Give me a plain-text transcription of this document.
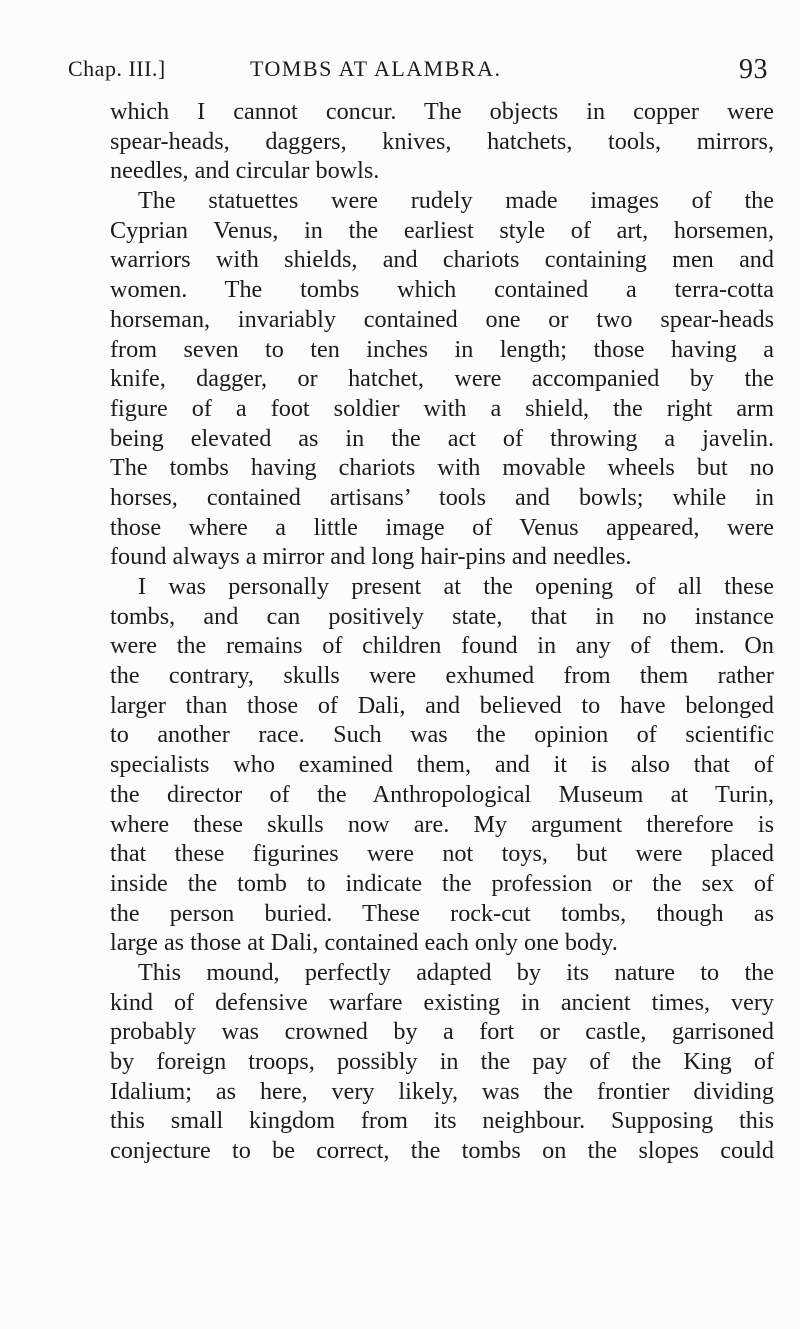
Chap. III.]	TOMBS AT ALAMBRA.	93
which I cannot concur. The objects in copper were
spear-heads, daggers, knives, hatchets, tools, mirrors,
needles, and circular bowls.
The statuettes were rudely made images of the
Cyprian Venus, in the earliest style of art, horsemen,
warriors with shields, and chariots containing men and
women. The tombs which contained a terra-cotta
horseman, invariably contained one or two spear-heads
from seven to ten inches in length; those having a
knife, dagger, or hatchet, were accompanied by the
figure of a foot soldier with a shield, the right arm
being elevated as in the act of throwing a javelin.
The tombs having chariots with movable wheels but no
horses, contained artisans’ tools and bowls; while in
those where a little image of Venus appeared, were
found always a mirror and long hair-pins and needles.
I was personally present at the opening of all these
tombs, and can positively state, that in no instance
were the remains of children found in any of them. On
the contrary, skulls were exhumed from them rather
larger than those of Dali, and believed to have belonged
to another race. Such was the opinion of scientific
specialists who examined them, and it is also that of
the director of the Anthropological Museum at Turin,
where these skulls now are. My argument therefore is
that these figurines were not toys, but were placed
inside the tomb to indicate the profession or the sex of
the person buried. These rock-cut tombs, though as
large as those at Dali, contained each only one body.
This mound, perfectly adapted by its nature to the
kind of defensive warfare existing in ancient times, very
probably was crowned by a fort or castle, garrisoned
by foreign troops, possibly in the pay of the King of
Idalium; as here, very likely, was the frontier dividing
this small kingdom from its neighbour. Supposing this
conjecture to be correct, the tombs on the slopes could
